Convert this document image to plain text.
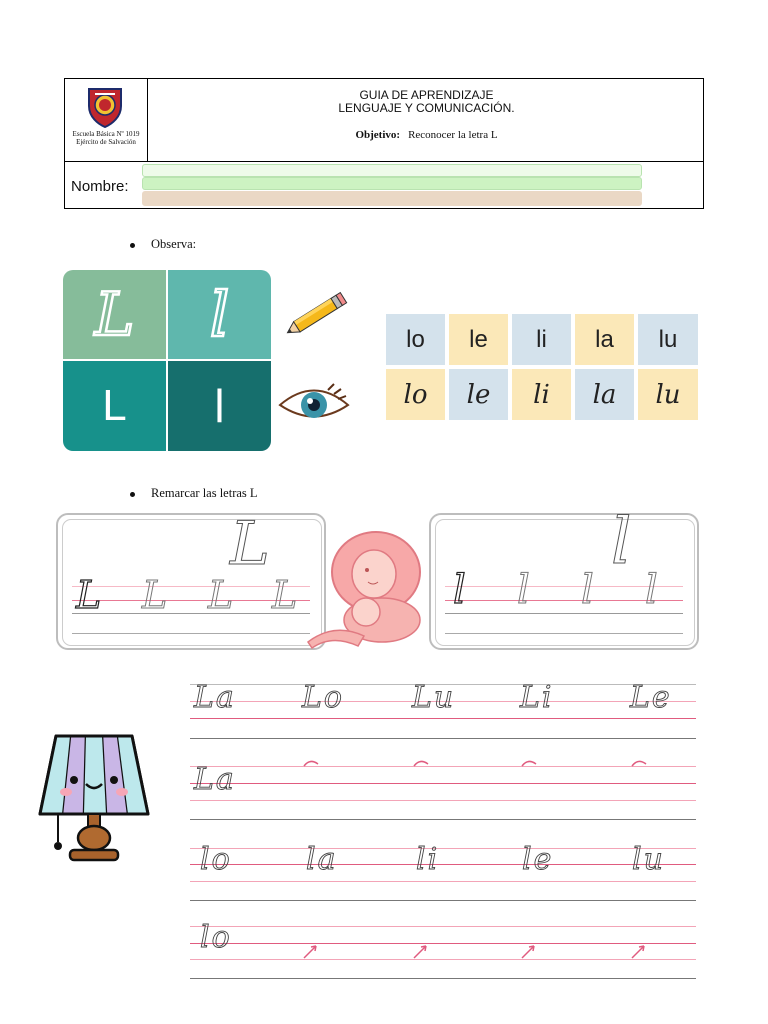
Escuela Básica Nº 1019
Ejército de Salvación
GUIA DE APRENDIZAJE
LENGUAJE Y COMUNICACIÓN.
Objetivo: Reconocer la letra L
Nombre:
Observa:
L l
L l
lo	le	li	la	lu
lo	le	li	la	lu
Remarcar las letras L
L
L L L L
l
l l l l
La Lo Lu Li	Le
La
lo la	li	le	lu
lo
